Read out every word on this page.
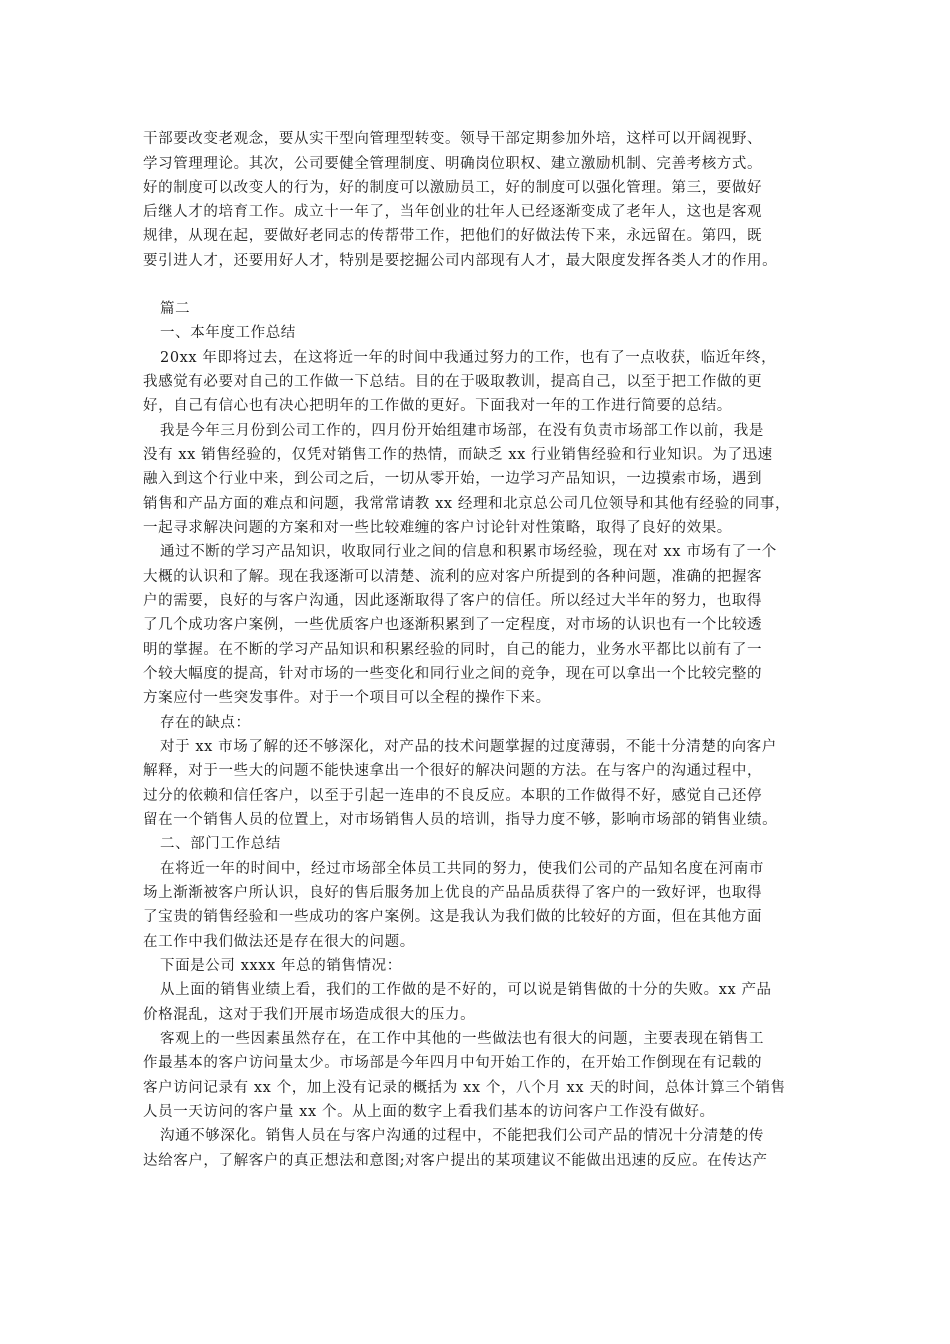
干部要改变老观念，要从实干型向管理型转变。领导干部定期参加外培，这样可以开阔视野、
学习管理理论。其次，公司要健全管理制度、明确岗位职权、建立激励机制、完善考核方式。
好的制度可以改变人的行为，好的制度可以激励员工，好的制度可以强化管理。第三，要做好
后继人才的培育工作。成立十一年了，当年创业的壮年人已经逐渐变成了老年人，这也是客观
规律，从现在起，要做好老同志的传帮带工作，把他们的好做法传下来，永远留在。第四，既
要引进人才，还要用好人才，特别是要挖掘公司内部现有人才，最大限度发挥各类人才的作用。
篇二
一、本年度工作总结
20xx 年即将过去，在这将近一年的时间中我通过努力的工作，也有了一点收获，临近年终，
我感觉有必要对自己的工作做一下总结。目的在于吸取教训，提高自己，以至于把工作做的更
好，自己有信心也有决心把明年的工作做的更好。下面我对一年的工作进行简要的总结。
我是今年三月份到公司工作的，四月份开始组建市场部，在没有负责市场部工作以前，我是
没有 xx 销售经验的，仅凭对销售工作的热情，而缺乏 xx 行业销售经验和行业知识。为了迅速
融入到这个行业中来，到公司之后，一切从零开始，一边学习产品知识，一边摸索市场，遇到
销售和产品方面的难点和问题，我常常请教 xx 经理和北京总公司几位领导和其他有经验的同事，
一起寻求解决问题的方案和对一些比较难缠的客户讨论针对性策略，取得了良好的效果。
通过不断的学习产品知识，收取同行业之间的信息和积累市场经验，现在对 xx 市场有了一个
大概的认识和了解。现在我逐渐可以清楚、流利的应对客户所提到的各种问题，准确的把握客
户的需要，良好的与客户沟通，因此逐渐取得了客户的信任。所以经过大半年的努力，也取得
了几个成功客户案例，一些优质客户也逐渐积累到了一定程度，对市场的认识也有一个比较透
明的掌握。在不断的学习产品知识和积累经验的同时，自己的能力，业务水平都比以前有了一
个较大幅度的提高，针对市场的一些变化和同行业之间的竞争，现在可以拿出一个比较完整的
方案应付一些突发事件。对于一个项目可以全程的操作下来。
存在的缺点：
对于 xx 市场了解的还不够深化，对产品的技术问题掌握的过度薄弱，不能十分清楚的向客户
解释，对于一些大的问题不能快速拿出一个很好的解决问题的方法。在与客户的沟通过程中，
过分的依赖和信任客户，以至于引起一连串的不良反应。本职的工作做得不好，感觉自己还停
留在一个销售人员的位置上，对市场销售人员的培训，指导力度不够，影响市场部的销售业绩。
二、部门工作总结
在将近一年的时间中，经过市场部全体员工共同的努力，使我们公司的产品知名度在河南市
场上渐渐被客户所认识，良好的售后服务加上优良的产品品质获得了客户的一致好评，也取得
了宝贵的销售经验和一些成功的客户案例。这是我认为我们做的比较好的方面，但在其他方面
在工作中我们做法还是存在很大的问题。
下面是公司 xxxx 年总的销售情况：
从上面的销售业绩上看，我们的工作做的是不好的，可以说是销售做的十分的失败。xx 产品
价格混乱，这对于我们开展市场造成很大的压力。
客观上的一些因素虽然存在，在工作中其他的一些做法也有很大的问题，主要表现在销售工
作最基本的客户访问量太少。市场部是今年四月中旬开始工作的，在开始工作倒现在有记载的
客户访问记录有 xx 个，加上没有记录的概括为 xx 个，八个月 xx 天的时间，总体计算三个销售
人员一天访问的客户量 xx 个。从上面的数字上看我们基本的访问客户工作没有做好。
沟通不够深化。销售人员在与客户沟通的过程中，不能把我们公司产品的情况十分清楚的传
达给客户，了解客户的真正想法和意图;对客户提出的某项建议不能做出迅速的反应。在传达产
